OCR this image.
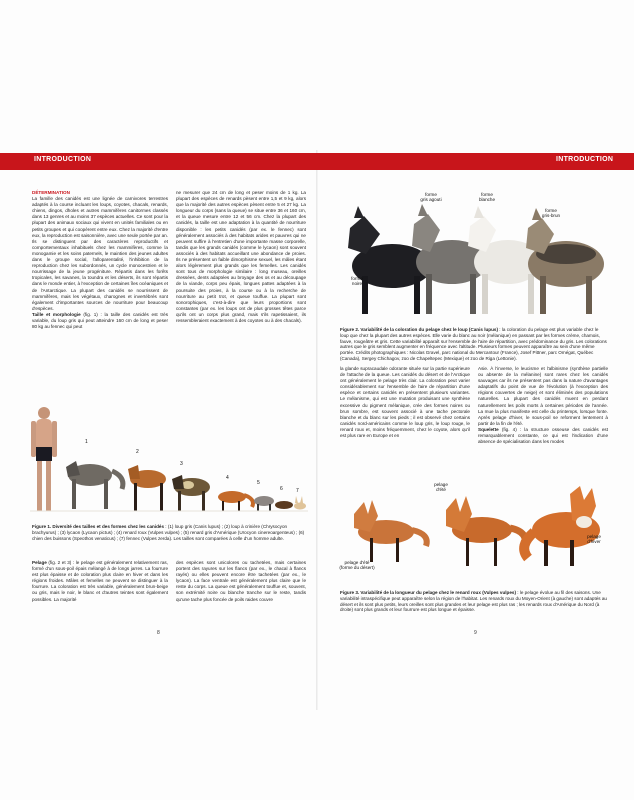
INTRODUCTION	INTRODUCTION

DÉTERMINATION

La famille des canidés est une lignée de carnivores terrestres adaptés à la course incluant les loups, coyotes, chacals, renards, chiens, dingos, dholes et autres mammifères canitormes classés dans 13 genres et au moins 37 espèces actuelles. Ce sont pour la plupart des animaux sociaux qui vivent en unités familiales ou en petits groupes et qui coopèrent entre eux. Chez la majorité d'entre eux, la reproduction est saisonnière, avec une seule portée par an. Ils se distinguent par des caractères reproductifs et comportementaux inhabituels chez les mammifères, comme la monogamie et les soins paternels, le maintien des jeunes adultes dans le groupe social, l'alloparentalité, l'inhibition de la reproduction chez les subordonnés, un cycle monocestrien et le nourrissage de la jeune progéniture. Répartis dans les forêts tropicales, les savanes, la toundra et les déserts, ils sont répartis dans le monde entier, à l'exception de certaines îles océaniques et de l'Antarctique. La plupart des canidés se nourrissent de mammifères, mais les végétaux, charognes et invertébrés sont également d'importantes sources de nourriture pour beaucoup d'espèces.

Taille et morphologie (fig. 1) : la taille des canidés est très variable, du loup gris qui peut atteindre 160 cm de long et peser 80 kg au fennec qui peut

ne mesurer que 24 cm de long et peser moins de 1 kg. La plupart des espèces de renards pèsent entre 1,5 et 9 kg, alors que la majorité des autres espèces pèsent entre 5 et 27 kg. La longueur du corps (sans la queue) se situe entre 36 et 160 cm, et la queue mesure entre 12 et 56 cm. Chez la plupart des canidés, la taille est une adaptation à la quantité de nourriture disponible : les petits canidés (par ex. le fennec) sont généralement associés à des habitats arides et pauvres qui ne peuvent suffire à l'entretien d'une importante masse corporelle, tandis que les grands canidés (comme le lycaon) sont souvent associés à des habitats accueillant une abondance de proies. Ils ne présentent un faible dimorphisme sexuel, les mâles étant alors légèrement plus grands que les femelles. Les canidés sont tous de morphologie similaire : long museau, oreilles dressées, dents adaptées au broyage des os et au découpage de la viande, corps peu épais, longues pattes adaptées à la poursuite des proies, à la course ou à la recherche de nourriture au petit trot, et queue touffue. La plupart sont sonorophiques, c'est-à-dire que leurs proportions sont constantes (par ex. les loups ont de plus grosses têtes parce qu'ils ont un corps plus grand, mais s'ils rapetissaient, ils ressembleraient exactement à des coyotes ou à des chacals).

1
2
3
4
5
6	7
Figure 1. Diversité des tailles et des formes chez les canidés : (1) loup gris (Canis lupus) ; (2) loup à crinière (Chrysocyon brachyurus) ; (3) lycaon (Lycaon pictus) ; (4) renard roux (Vulpes vulpes) ; (5) renard gris d'Amérique (Urocyon cinereoargenteus) ; (6) chien des buissons (Speothos venaticus) ; (7) fennec (Vulpes zerda). Les tailles sont comparées à celle d'un homme adulte.

Pelage (fig. 2 et 3) : le pelage est généralement relativement ras, formé d'un sous-poil épais mélangé à de longs jarres. La fourrure est plus épaisse et de coloration plus claire en hiver et dans les régions froides. Mâles et femelles ne peuvent se distinguer à la fourrure. La coloration est très variable, généralement brun-beige ou gris, mais le noir, le blanc et d'autres teintes sont également possibles. La majorité

des espèces sont unicolores ou tachetées, mais certaines portent des rayures sur les flancs (par ex., le chacal à flancs rayés) ou elles peuvent encore être tachetées (par ex., le lycaon). La face ventrale est généralement plus claire que le reste du corps. La queue est généralement touffue et, souvent, son extrémité noire ou blanche tranche sur le reste, tandis qu'une tache plus foncée de poils raides couvre

8
forme
gris agouti
forme
blanche
forme
gris-brun
forme
noire
Figure 2. Variabilité de la coloration du pelage chez le loup (Canis lupus) : la coloration du pelage est plus variable chez le loup que chez la plupart des autres espèces. Elle varie du blanc au noir (mélanique) en passant par les formes crème, chamois, fauve, rougeâtre et gris. Cette variabilité apparaît sur l'ensemble de l'aire de répartition, avec prédominance du gris. Les colorations autres que le gris semblent augmenter en fréquence avec l'altitude. Plusieurs formes peuvent apparaître au sein d'une même portée. Crédits photographiques : Nicolas Gravel, parc national du Mercantour (France), Josef Pittner, parc Omégat, Québec (Canada), Sergey Chichagov, zoo de Chapeltepec (Mexique) et zoo de Riga (Lettonie).

la glande supracaudale odorante située sur la partie supérieure de l'attache de la queue. Les canidés du désert et de l'Arctique ont généralement le pelage très clair. La coloration peut varier considérablement sur l'ensemble de l'aire de répartition d'une espèce et certains canidés en présentent plusieurs variantes. Le mélanisme, qui est une mutation produisant une synthèse excessive du pigment mélanique, crée des formes noires ou brun sombre, est souvent associé à une tache pectorale blanche et du blanc sur les pieds ; il est observé chez certains canidés nord-américains comme le loup gris, le loup rouge, le renard roux et, moins fréquemment, chez le coyote, alors qu'il est plus rare en Europe et en

Asie. À l'inverse, le leucisme et l'albinisme (synthèse partielle ou absente de la mélanine) sont rares chez les canidés sauvages car ils ne présentent pas dans la nature d'avantages adaptatifs du point de vue de l'évolution (à l'exception des régions couvertes de neige) et sont éliminés des populations naturelles. La plupart des canidés muent en perdant naturellement les poils morts à certaines périodes de l'année. La mue la plus manifeste est celle du printemps, lorsque fonte. Après pelage d'hiver, le sous-poil se reforment lentement à partir de la fin de l'été.

Squelette (fig. 4) : la structure osseuse des canidés est remarquablement constante, ce qui est l'indication d'une absence de spécialisation dans les modes

pelage d'été
(forme du désert)
pelage
d'été
pelage
d'hiver
Figure 3. Variabilité de la longueur du pelage chez le renard roux (Vulpes vulpes) : le pelage évolue au fil des saisons. Une variabilité intraspécifique peut apparaître selon la région de l'habitat. Les renards roux du Moyen-Orient (à gauche) sont adaptés au désert et ils sont plus petits, leurs oreilles sont plus grandes et leur pelage est plus ras ; les renards roux d'Amérique du Nord (à droite) sont plus grands et leur fourrure est plus longue et épaisse.
9
